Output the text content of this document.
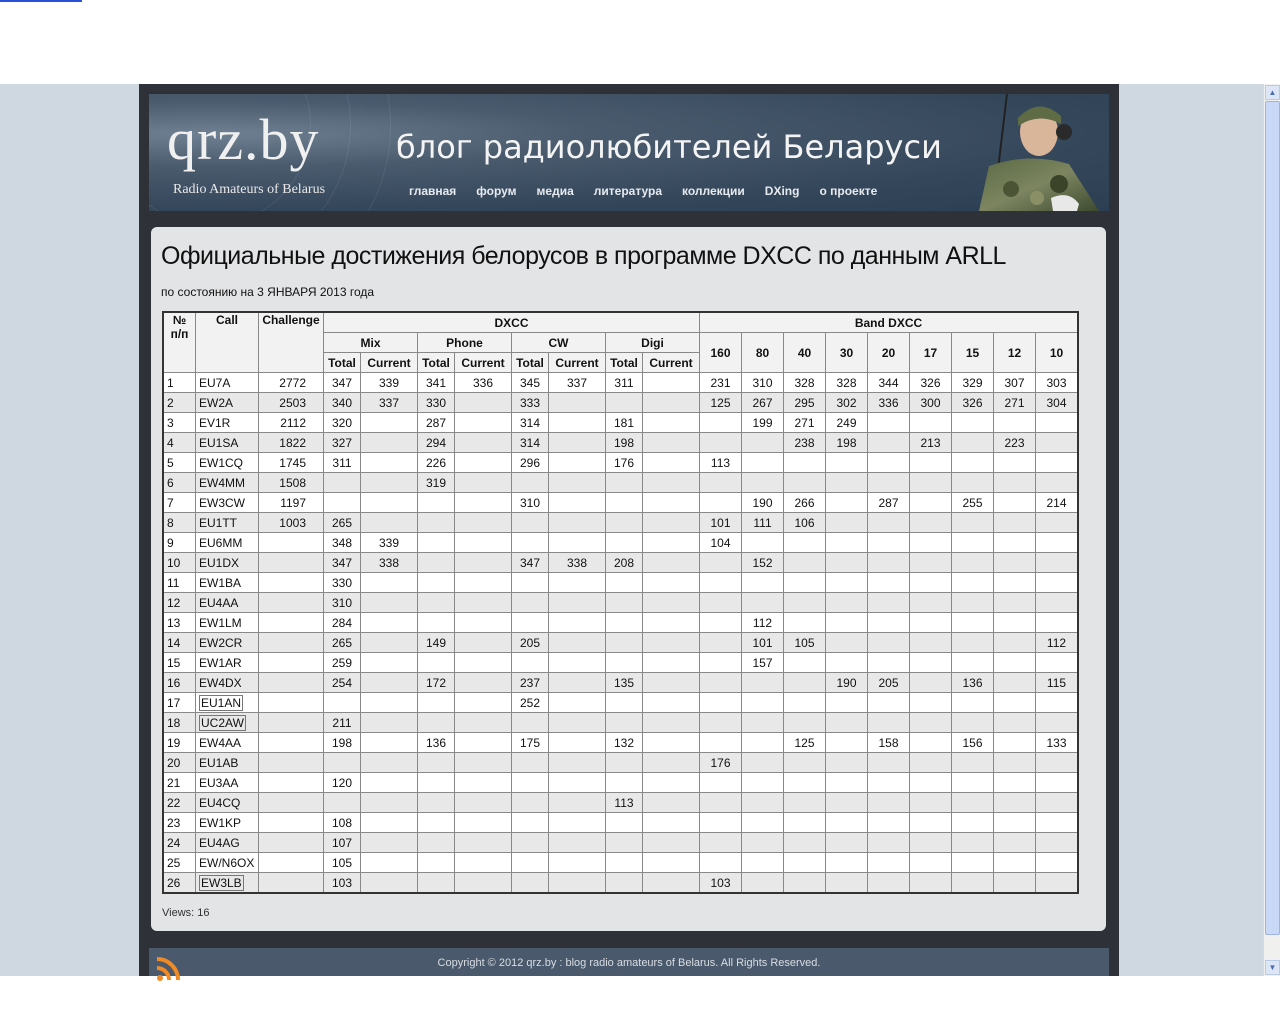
qrz.by
Radio Amateurs of Belarus
блог радиолюбителей Беларуси
главная форум медиа литература коллекции DXing о проекте
Официальные достижения белорусов в программе DXCC по данным ARLL
по состоянию на 3 ЯНВАРЯ 2013 года
№ п/п	Call	Challenge	DXCC								Band DXCC								
			Mix		Phone		CW		Digi		160	80	40	30	20	17	15	12	10
			Total	Current	Total	Current	Total	Current	Total	Current									
1	EU7A	2772	347	339	341	336	345	337	311		231	310	328	328	344	326	329	307	303
2	EW2A	2503	340	337	330		333				125	267	295	302	336	300	326	271	304
3	EV1R	2112	320		287		314		181			199	271	249					
4	EU1SA	1822	327		294		314		198				238	198		213		223	
5	EW1CQ	1745	311		226		296		176		113								
6	EW4MM	1508			319														
7	EW3CW	1197					310					190	266		287		255		214
8	EU1TT	1003	265								101	111	106						
9	EU6MM		348	339							104								
10	EU1DX		347	338			347	338	208			152							
11	EW1BA		330																
12	EU4AA		310																
13	EW1LM		284									112							
14	EW2CR		265		149		205					101	105						112
15	EW1AR		259									157							
16	EW4DX		254		172		237		135					190	205		136		115
17	EU1AN						252												
18	UC2AW		211																
19	EW4AA		198		136		175		132				125		158		156		133
20	EU1AB										176								
21	EU3AA		120																
22	EU4CQ								113										
23	EW1KP		108																
24	EU4AG		107																
25	EW/N6OX		105																
26	EW3LB		103								103								
Views: 16
Copyright © 2012 qrz.by : blog radio amateurs of Belarus. All Rights Reserved.
▲
▼
